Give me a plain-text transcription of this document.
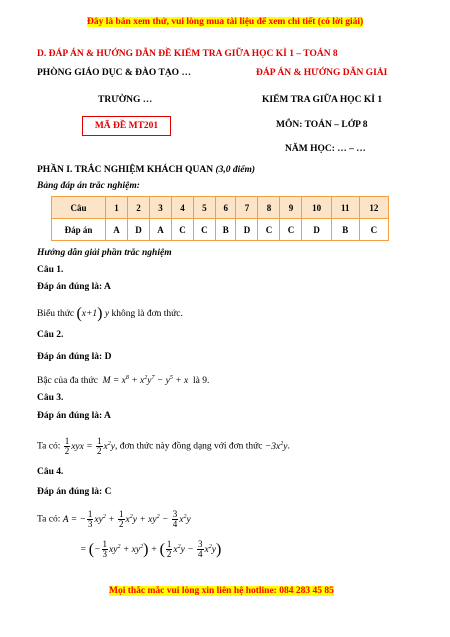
Đây là bản xem thử, vui lòng mua tài liệu để xem chi tiết (có lời giải)
D. ĐÁP ÁN & HƯỚNG DẪN ĐỀ KIỂM TRA GIỮA HỌC KÌ 1 – TOÁN 8
PHÒNG GIÁO DỤC & ĐÀO TẠO …	ĐÁP ÁN & HƯỚNG DẪN GIẢI
TRƯỜNG …	KIỂM TRA GIỮA HỌC KÌ 1
MÃ ĐỀ MT201	MÔN: TOÁN – LỚP 8
NĂM HỌC: … – …
PHẦN I. TRẮC NGHIỆM KHÁCH QUAN (3,0 điểm)
Bảng đáp án trắc nghiệm:
Câu	1	2	3	4	5	6	7	8	9	10	11	12
Đáp án	A	D	A	C	C	B	D	C	C	D	B	C
Hướng dẫn giải phần trắc nghiệm
Câu 1.
Đáp án đúng là: A
Biểu thức (x+1) y không là đơn thức.
Câu 2.
Đáp án đúng là: D
Bậc của đa thức  $M = x^8 + x^2y^7 - y^5 + x$  là 9.
Câu 3.
Đáp án đúng là: A
Ta có: $\frac{1}{2}$ xyx = $\frac{1}{2} x^2y$, đơn thức này đồng dạng với đơn thức $-3x^2y$.
Câu 4.
Đáp án đúng là: C
Ta có: A = − $\frac{1}{3} xy^2 + \frac{1}{2} x^2y + xy^2 - \frac{3}{4} x^2y$
= (− $\frac{1}{3} xy^2 + xy^2$) + ( $\frac{1}{2} x^2y - \frac{3}{4} x^2y$)
Mọi thắc mắc vui lòng xin liên hệ hotline: 084 283 45 85
